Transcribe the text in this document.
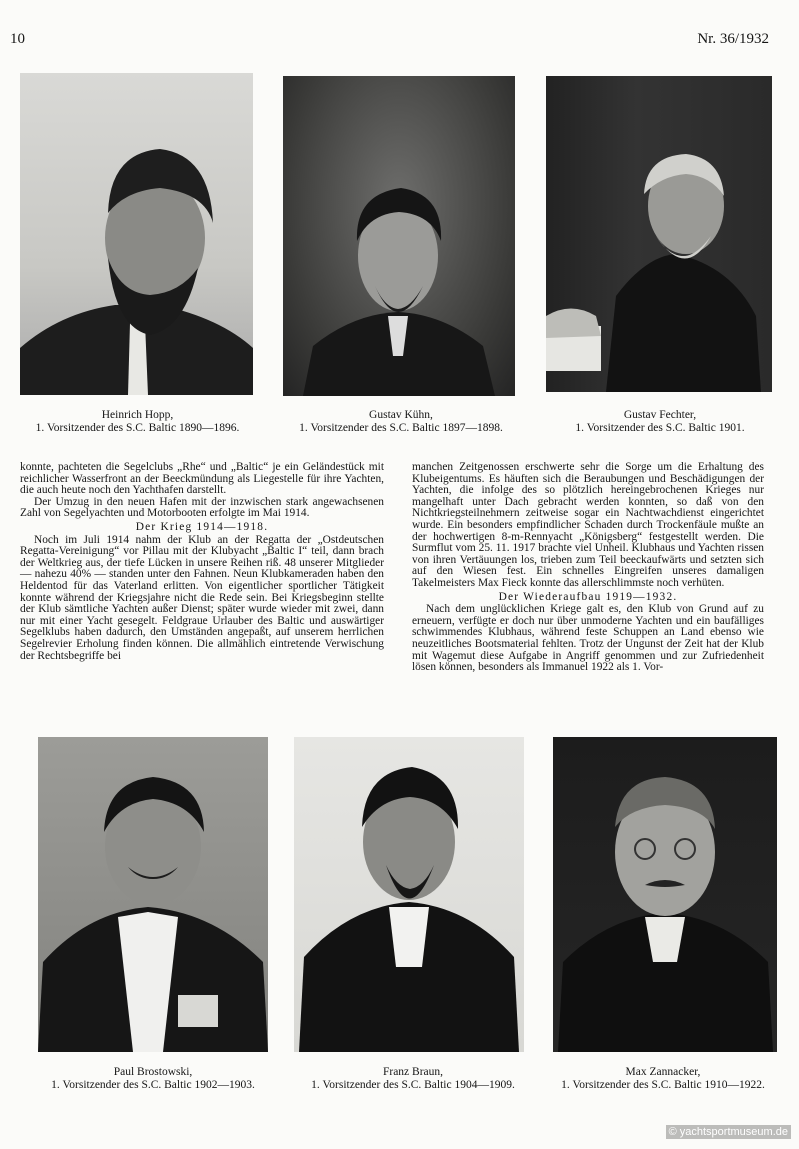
10	Nr. 36/1932
Heinrich Hopp,
1. Vorsitzender des S.C. Baltic 1890—1896.
Gustav Kühn,
1. Vorsitzender des S.C. Baltic 1897—1898.
Gustav Fechter,
1. Vorsitzender des S.C. Baltic 1901.

konnte, pachteten die Segelclubs „Rhe“ und „Baltic“ je ein Geländestück mit reichlicher Wasserfront an der Beeckmündung als Liegestelle für ihre Yachten, die auch heute noch den Yachthafen darstellt.

Der Umzug in den neuen Hafen mit der inzwischen stark angewachsenen Zahl von Segelyachten und Motorbooten erfolgte im Mai 1914.

Der Krieg 1914—1918.

Noch im Juli 1914 nahm der Klub an der Regatta der „Ostdeutschen Regatta-Vereinigung“ vor Pillau mit der Klubyacht „Baltic I“ teil, dann brach der Weltkrieg aus, der tiefe Lücken in unsere Reihen riß. 48 unserer Mitglieder — nahezu 40% — standen unter den Fahnen. Neun Klubkameraden haben den Heldentod für das Vaterland erlitten. Von eigentlicher sportlicher Tätigkeit konnte während der Kriegsjahre nicht die Rede sein. Bei Kriegsbeginn stellte der Klub sämtliche Yachten außer Dienst; später wurde wieder mit zwei, dann nur mit einer Yacht gesegelt. Feldgraue Urlauber des Baltic und auswärtiger Segelklubs haben dadurch, den Umständen angepaßt, auf unserem herrlichen Segelrevier Erholung finden können. Die allmählich eintretende Verwischung der Rechtsbegriffe bei

manchen Zeitgenossen erschwerte sehr die Sorge um die Erhaltung des Klubeigentums. Es häuften sich die Beraubungen und Beschädigungen der Yachten, die infolge des so plötzlich hereingebrochenen Krieges nur mangelhaft unter Dach gebracht werden konnten, so daß von den Nichtkriegsteilnehmern zeitweise sogar ein Nachtwachdienst eingerichtet wurde. Ein besonders empfindlicher Schaden durch Trockenfäule mußte an der hochwertigen 8-m-Rennyacht „Königsberg“ festgestellt werden. Die Surmflut vom 25. 11. 1917 brachte viel Unheil. Klubhaus und Yachten rissen von ihren Vertäuungen los, trieben zum Teil beeckaufwärts und setzten sich auf den Wiesen fest. Ein schnelles Eingreifen unseres damaligen Takelmeisters Max Fieck konnte das allerschlimmste noch verhüten.

Der Wiederaufbau 1919—1932.

Nach dem unglücklichen Kriege galt es, den Klub von Grund auf zu erneuern, verfügte er doch nur über unmoderne Yachten und ein baufälliges schwimmendes Klubhaus, während feste Schuppen an Land ebenso wie neuzeitliches Bootsmaterial fehlten. Trotz der Ungunst der Zeit hat der Klub mit Wagemut diese Aufgabe in Angriff genommen und zur Zufriedenheit lösen können, besonders als Immanuel 1922 als 1. Vor-

Paul Brostowski,
1. Vorsitzender des S.C. Baltic 1902—1903.
Franz Braun,
1. Vorsitzender des S.C. Baltic 1904—1909.
Max Zannacker,
1. Vorsitzender des S.C. Baltic 1910—1922.
© yachtsportmuseum.de
